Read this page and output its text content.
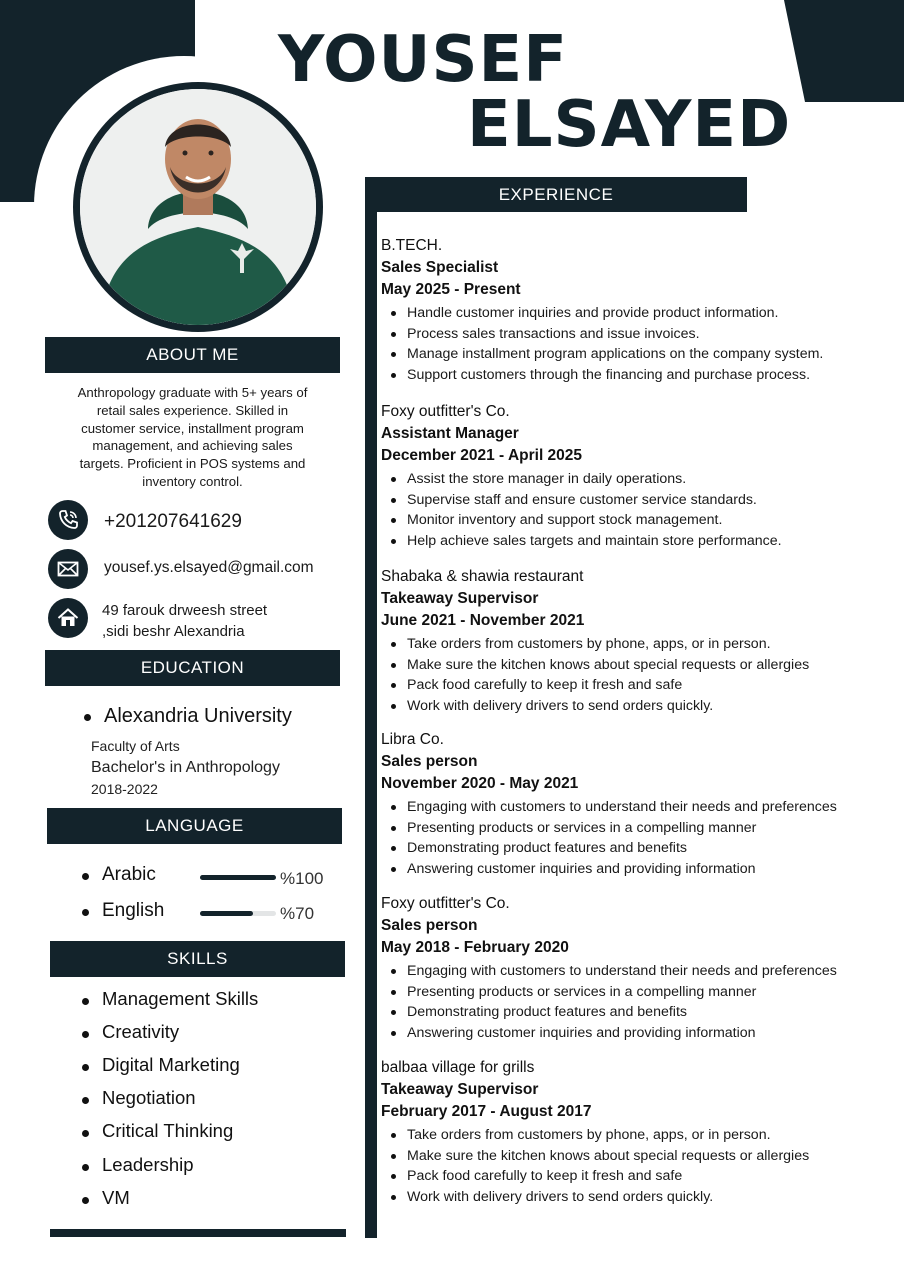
YOUSEF
ELSAYED
ABOUT ME
Anthropology graduate with 5+ years of
retail sales experience. Skilled in
customer service, installment program
management, and achieving sales
targets. Proficient in POS systems and
inventory control.
+201207641629
yousef.ys.elsayed@gmail.com
49 farouk drweesh street
,sidi beshr Alexandria
EDUCATION
Alexandria University
Faculty of Arts
Bachelor's in Anthropology
2018-2022
LANGUAGE
Arabic	%100
English	%70
SKILLS
Management Skills
Creativity
Digital Marketing
Negotiation
Critical Thinking
Leadership
VM
EXPERIENCE
B.TECH.
Sales Specialist
May 2025 - Present
Handle customer inquiries and provide product information.
Process sales transactions and issue invoices.
Manage installment program applications on the company system.
Support customers through the financing and purchase process.
Foxy outfitter's Co.
Assistant Manager
December 2021 - April 2025
Assist the store manager in daily operations.
Supervise staff and ensure customer service standards.
Monitor inventory and support stock management.
Help achieve sales targets and maintain store performance.
Shabaka & shawia restaurant
Takeaway Supervisor
June 2021 - November 2021
Take orders from customers by phone, apps, or in person.
Make sure the kitchen knows about special requests or allergies
Pack food carefully to keep it fresh and safe
Work with delivery drivers to send orders quickly.
Libra Co.
Sales person
November 2020 - May 2021
Engaging with customers to understand their needs and preferences
Presenting products or services in a compelling manner
Demonstrating product features and benefits
Answering customer inquiries and providing information
Foxy outfitter's Co.
Sales person
May 2018 - February 2020
Engaging with customers to understand their needs and preferences
Presenting products or services in a compelling manner
Demonstrating product features and benefits
Answering customer inquiries and providing information
balbaa village for grills
Takeaway Supervisor
February 2017 - August 2017
Take orders from customers by phone, apps, or in person.
Make sure the kitchen knows about special requests or allergies
Pack food carefully to keep it fresh and safe
Work with delivery drivers to send orders quickly.
